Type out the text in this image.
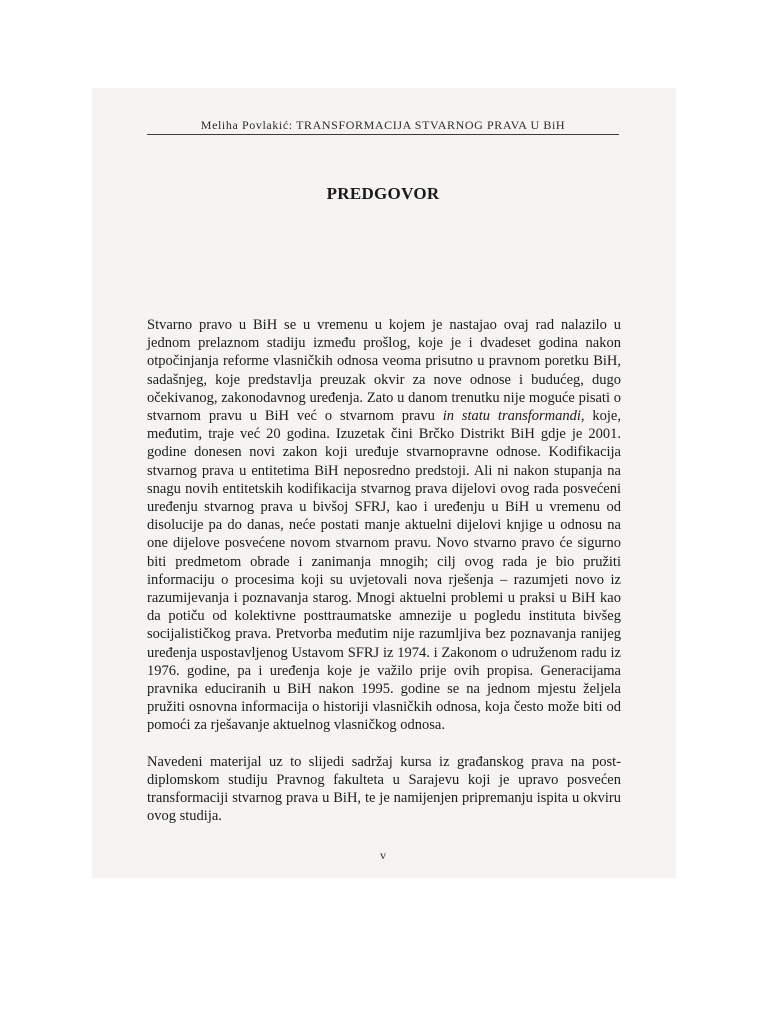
Meliha Povlakić: TRANSFORMACIJA STVARNOG PRAVA U BiH
PREDGOVOR

Stvarno pravo u BiH se u vremenu u kojem je nastajao ovaj rad nalazilo u jednom prelaznom stadiju između prošlog, koje je i dvadeset godina nakon otpočinjanja reforme vlasničkih odnosa veoma prisutno u pravnom poretku BiH, sadašnjeg, koje predstavlja preuzak okvir za nove odnose i budućeg, dugo očekivanog, zakonodavnog uređenja. Zato u danom trenutku nije moguće pisati o stvarnom pravu u BiH već o stvarnom pravu in statu transformandi, koje, međutim, traje već 20 godina. Izuzetak čini Brčko Distrikt BiH gdje je 2001. godine donesen novi zakon koji uređuje stvarnopravne odnose. Kodifikacija stvarnog prava u entitetima BiH neposredno predstoji. Ali ni nakon stupanja na snagu novih entitetskih kodifikacija stvarnog prava dijelovi ovog rada posvećeni uređenju stvarnog prava u bivšoj SFRJ, kao i uređenju u BiH u vremenu od disolucije pa do danas, neće postati manje aktuelni dijelovi knjige u odnosu na one dijelove posvećene novom stvarnom pravu. Novo stvarno pravo će sigurno biti predmetom obrade i zanimanja mnogih; cilj ovog rada je bio pružiti informaciju o procesima koji su uvjetovali nova rješenja – razumjeti novo iz razumijevanja i poznavanja starog. Mnogi aktuelni problemi u praksi u BiH kao da potiču od kolektivne posttraumatske amnezije u pogledu instituta bivšeg socijalističkog prava. Pretvorba međutim nije razumljiva bez poznavanja ranijeg uređenja uspostavljenog Ustavom SFRJ iz 1974. i Zakonom o udruženom radu iz 1976. godine, pa i uređenja koje je važilo prije ovih propisa. Generacijama pravnika educiranih u BiH nakon 1995. godine se na jednom mjestu željela pružiti osnovna informacija o historiji vlasničkih odnosa, koja često može biti od pomoći za rješavanje aktuelnog vlasničkog odnosa.

Navedeni materijal uz to slijedi sadržaj kursa iz građanskog prava na post-diplomskom studiju Pravnog fakulteta u Sarajevu koji je upravo posvećen transformaciji stvarnog prava u BiH, te je namijenjen pripremanju ispita u okviru ovog studija.

v
